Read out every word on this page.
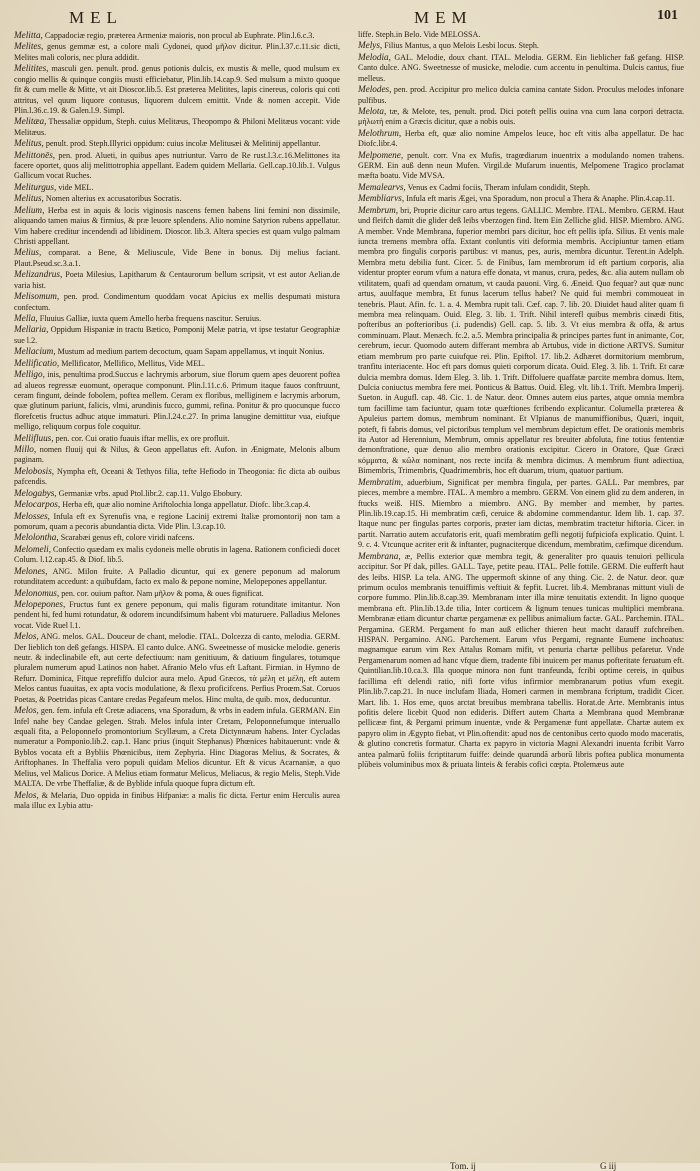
MEL	MEM	101

Melitta, Cappadociæ regio, præterea Armeniæ maioris, non procul ab Euphrate. Plin.l.6.c.3.

Melites, genus gemmæ est, a colore mali Cydonei, quod μῆλον dicitur. Plin.l.37.c.11.sic dicti, Melites mali coloris, nec plura addidit.

Melitites, masculi gen. penult. prod. genus potionis dulcis, ex mustis & melle, quod mulsum ex congio mellis & quinque congiis musti efficiebatur, Plin.lib.14.cap.9. Sed mulsum a mixto quoque fit & cum melle & Mitte, vt ait Dioscor.lib.5. Est præterea Melitites, lapis cinereus, coloris qui coti attritus, vel quum liquore contusus, liquorem dulcem emittit. Vnde & nomen accepit. Vide Plin.l.36.c.19. & Galen.l.9. Simpl.

Melitæa, Thessaliæ oppidum, Steph. cuius Melitæus, Theopompo & Philoni Melitæus vocant: vide Melitæus.

Melitus, penult. prod. Steph.Illyrici oppidum: cuius incolæ Melitusæi & Melitinij appellantur.

Melittonēs, pen. prod. Alueti, in quibus apes nutriuntur. Varro de Re rust.l.3.c.16.Melittones ita facere oportet, quos alij melittotrophia appellant. Eadem quidem Mellaria. Gell.cap.10.lib.1. Vulgus Gallicum vocat Ruches.

Meliturgus, vide MEL.

Melitus, Nomen alterius ex accusatoribus Socratis.

Melium, Herba est in aquis & locis viginosis nascens femen habens lini femini non dissimile, aliquando tamen maius & firmius, & præ leuore splendens. Alio nomine Satyrion rubens appellatur. Vim habere creditur incendendi ad libidinem. Dioscor. lib.3. Altera species est quam vulgo palmam Christi appellant.

Melius, comparat. a Bene, & Meliuscule, Vide Bene in bonus. Dij melius faciant. Plaut.Pseud.sc.3.a.1.

Melizandrus, Poeta Milesius, Lapitharum & Centaurorum bellum scripsit, vt est autor Aelian.de varia hist.

Melisomum, pen. prod. Condimentum quoddam vocat Apicius ex mellis despumati mistura confectum.

Mella, Fluuius Galliæ, iuxta quem Amello herba frequens nascitur. Seruius.

Mellaria, Oppidum Hispaniæ in tractu Bætico, Pomponij Melæ patria, vt ipse testatur Geographiæ sue l.2.

Mellacium, Mustum ad medium partem decoctum, quam Sapam appellamus, vt inquit Nonius.

Mellificatio, Mellificator, Mellifico, Mellitus, Vide MEL.

Melligo, inis, penultima prod.Succus e lachrymis arborum, siue florum quem apes deuorent poftea ad alueos regressæ euomunt, operaque componunt. Plin.l.11.c.6. Primum itaque fauos conftruunt, ceram fingunt, deinde fobolem, poftea mellem. Ceram ex floribus, melliginem e lacrymis arborum, quæ glutinum pariunt, falicis, vlmi, arundinis fucco, gummi, refina. Ponitur & pro quocunque fucco florefcetis fructus adhuc atque immaturi. Plin.l.24.c.27. In prima lanugine demittitur vua, eiufque melligo, reliquum corpus fole coquitur.

Mellifluus, pen. cor. Cui oratio fuauis iftar mellis, ex ore profluit.

Millo, nomen fluuij qui & Nilus, & Geon appellatus eft. Aufon. in Ænigmate, Melonis album paginam.

Melobosis, Nympha eft, Oceani & Tethyos filia, tefte Hefiodo in Theogonia: fic dicta ab ouibus pafcendis.

Melogabys, Germaniæ vrbs. apud Ptol.libr.2. cap.11. Vulgo Ebobury.

Melocarpos, Herba eft, quæ alio nomine Ariftolochia longa appellatur. Diofc. libr.3.cap.4.

Melosses, Infula eft ex Syrenufis vna, e regione Lacinij extremi Italiæ promontorij non tam a pomorum, quam a pecoris abundantia dicta. Vide Plin. l.3.cap.10.

Melolontha, Scarabæi genus eft, colore viridi nafcens.

Melomeli, Confectio quædam ex malis cydoneis melle obrutis in lagena. Rationem conficiedi docet Colum. l.12.cap.45. & Diof. lib.5.

Melones, ANG. Milon fruite. A Palladio dicuntur, qui ex genere peponum ad malorum rotunditatem accedunt: a quibufdam, facto ex malo & pepone nomine, Melopepones appellantur.

Melonomus, pen. cor. ouium paftor. Nam μῆλον & poma, & oues fignificat.

Melopepones, Fructus funt ex genere peponum, qui malis figuram rotunditate imitantur. Non pendent hi, fed humi rotundatur, & odorem incundifsimum habent vbi maturuere. Palladius Melones vocat. Vide Ruel l.1.

Melos, ANG. melos. GAL. Douceur de chant, melodie. ITAL. Dolcezza di canto, melodia. GERM. Der lieblich ton deß gefangs. HISPA. El canto dulce. ANG. Sweetnesse of musicke melodie. generis neutr. & indeclinabile eft, aut certe defectiuum: nam genitiuum, & datiuum fingulares, totumque pluralem numerum apud Latinos non habet. Afranio Melo vfus eft Laftant. Firmian. in Hymno de Refurr. Dominica, Fitque reprefiffo dulcior aura melo. Apud Græcos, τὰ μέλη et μέλη, eft autem Melos cantus fuauitas, ex apta vocis modulatione, & flexu proficifcens. Perfius Proœm.Sat. Coruos Poetas, & Poetridas picas Cantare credas Pegafeum melos. Hinc multa, de quib. mox, deducuntur.

Melos, gen. fem. infula eft Cretæ adiacens, vna Sporadum, & vrbs in eadem infula. GERMAN. Ein Infel nahe bey Candae gelegen. Strab. Melos infula inter Cretam, Peloponnefumque interuallo æquali fita, a Peloponnefo promontorium Scyllæum, a Creta Dictynnæum habens. Inter Cycladas numeratur a Pomponio.lib.2. cap.1. Hanc prius (inquit Stephanus) Phœnices habitauerunt: vnde & Byblos vocata eft a Bybliis Phœnicibus, item Zephyria. Hinc Diagoras Melius, & Socrates, & Ariftophanes. In Theffalia vero populi quidam Melios dicuntur. Eft & vicus Acarnaniæ, a quo Melius, vel Malicus Dorice. A Melius etiam formatur Melicus, Meliacus, & regio Melis, Steph.Vide MALTA. De vrbe Theffaliæ, & de Byblide infula quoque fupra dictum eft.

Melos, & Melaria, Duo oppida in finibus Hifpaniæ: a malis fic dicta. Fertur enim Herculis aurea mala illuc ex Lybia attu-

liffe. Steph.in Belo. Vide MELOSSA.

Melys, Filius Mantus, a quo Melois Lesbi locus. Steph.

Melodia, GAL. Melodie, doux chant. ITAL. Melodia. GERM. Ein lieblicher faß gefang. HISP. Canto dulce. ANG. Sweetnesse of musicke, melodie. cum accentu in penultima. Dulcis cantus, fiue melleus.

Melodes, pen. prod. Accipitur pro melico dulcia camina cantate Sidon. Proculus melodes infonare pulfibus.

Melota, tæ, & Melote, tes, penult. prod. Dici poteft pellis ouina vna cum lana corpori detracta. μήλωτὴ enim a Græcis dicitur, quæ a nobis ouis.

Melothrum, Herba eft, quæ alio nomine Ampelos leuce, hoc eft vitis alba appellatur. De hac Diofc.libr.4.

Melpomene, penult. corr. Vna ex Mufis, tragœdiarum inuentrix a modulando nomen trahens. GERM. Ein auß denn neun Mufen. Virgil.de Mufarum inuentis, Melpomene Tragico proclamat mæfta boatu. Vide MVSA.

Memalearvs, Venus ex Cadmi fociis, Theram infulam condidit, Steph.

Membliarvs, Infula eft maris Ægei, vna Sporadum, non procul a Thera & Anaphe. Plin.4.cap.11.

Membrum, bri, Proprie dicitur caro artus tegens. GALLIC. Membre. ITAL. Membro. GERM. Haut und fleifch damit die glider deß leibs vberzogen find. Item Ein Zelliche glid. HISP. Miembro. ANG. A member. Vnde Membrana, fuperior membri pars dicitur, hoc eft pellis ipfa. Silius. Et venis male iuncta tremens membra offa. Extant conluntis viti deformia membris. Accipiuntur tamen etiam membra pro fingulis corporis partibus: vt manus, pes, auris, membra dicuntur. Terent.in Adelph. Membra metu debilia funt. Cicer. 5. de Finibus, Iam membrorum id eft partium corporis, alia videntur propter eorum vfum a natura effe donata, vt manus, crura, pedes, &c. alia autem nullam ob vtilitatem, quafi ad quendam ornatum, vt cauda pauoni. Virg. 6. Æneid. Quo fequar? aut quæ nunc artus, auulfaque membra, Et funus lacerum tellus habet? Ne quid fui membri commoueat in tenebris. Plaut. Afin. fc. 1. a. 4. Membra rupit tali. Cæf. cap. 7. lib. 20. Diuidet haud aliter quam fi membra mea relinquam. Ouid. Eleg. 3. lib. 1. Trift. Nihil interefl quibus membris cinædi fitis, pofteribus an pofterioribus (.i. pudendis) Gell. cap. 5. lib. 3. Vt eius membra & offa, & artus comminuam. Plaut. Menæch. fc.2. a.5. Membra principalia & principes partes funt in animante, Cor, cerebrum, iecur. Quomodo autem differant membra ab Artubus, vide in dictione ARTVS. Sumitur etiam membrum pro parte cuiufque rei. Plin. Epiftol. 17. lib.2. Adhæret dormitorium membrum, tranfitu interiacente. Hoc eft pars domus quieti corporum dicata. Ouid. Eleg. 3. lib. 1. Trift. Et caræ dulcia membra domus. Idem Eleg. 3. lib. 1. Trift. Diffoluere quaffatæ parcite membra domus. Item, Dulcia coniuctus membra fere mei. Ponticus & Battus. Ouid. Eleg. vlt. lib.1. Trift. Membra Imperij. Sueton. in Augufl. cap. 48. Cic. 1. de Natur. deor. Omnes autem eius partes, atque omnia membra tum facillime tam faciuntur, quam totæ quæftiones fcribendo explicantur. Columella præterea & Apuleius partem domus, membrum nominant. Et Vlpianus de manumiffionibus, Quæri, inquit, poteft, fi fabris domus, vel pictoribus templum vel membrum depictum effet. De orationis membris ita Autor ad Herennium, Membrum, omnis appellatur res breuiter abfoluta, fine totius fententiæ demonftratione, quæ denuo alio membro orationis excipitur. Cicero in Oratore, Quæ Græci κόμματα, & κῶλα nominant, nos recte incifa & membra dicimus. A membrum fiunt adiectiua, Bimembris, Trimembris, Quadrimembris, hoc eft duarum, trium, quatuor partium.

Membratim, aduerbium, Significat per membra fingula, per partes. GALL. Par membres, par pieces, membre a membre. ITAL. A membro a membro. GERM. Von einem glid zu dem anderen, in ftucks weiß. HIS. Miembro a miembro. ANG. By member and member, by partes. Plin.lib.19.cap.15. Hi membratim cæfi, ceruice & abdomine commendantur. Idem lib. 1. cap. 37. Itaque nunc per fingulas partes corporis, præter iam dictas, membratim tractetur hiftoria. Cicer. in partit. Narratio autem accufatoris erit, quafi membratim gefli negotij fufpiciofa explicatio. Quint. l. 9. c. 4. Vtcunque acriter erit & inftanter, pugnaciterque dicendum, membratim, cæfimque dicendum.

Membrana, æ, Pellis exterior quæ membra tegit, & generaliter pro quauis tenuiori pellicula accipitur. Sor Pf dak, pilles. GALL. Taye, petite peau. ITAL. Pelle fottile. GERM. Die eufferft haut des leibs. HISP. La tela. ANG. The uppermoft skinne of any thing. Cic. 2. de Natur. deor. quæ primum oculos membranis tenuiffimis veftiuit & fepfit. Lucret. lib.4. Membranas mittunt viuli de corpore fummo. Plin.lib.8.cap.39. Membranam inter illa miræ tenuitatis extendit. In ligno quoque membrana eft. Plin.lib.13.de tilia, Inter corticem & lignum tenues tunicas multiplici membrana. Membranæ etiam dicuntur chartæ pergamenæ ex pellibus animalium factæ. GAL. Parchemin. ITAL. Pergamina. GERM. Pergament fo man auß etlicher thieren heut macht darauff zufchreiben. HISPAN. Pergamino. ANG. Parchement. Earum vfus Pergami, regnante Eumene inchoatus: magnamque earum vim Rex Attalus Romam mifit, vt penuria chartæ pellibus pefaretur. Vnde Pergamenarum nomen ad hanc vfque diem, tradente fibi inuicem per manus pofteritate feruatum eft. Quintilian.lib.10.ca.3. Illa quoque minora non funt tranfeunda, fcribi optime cereis, in quibus facillima eft delendi ratio, nifi forte vifus infirmior membranarum potius vfum exegit. Plin.lib.7.cap.21. In nuce inclufam Iliada, Homeri carmen in membrana fcriptum, tradidit Cicer. Mart. lib. 1. Hos eme, quos arctat breuibus membrana tabellis. Horat.de Arte. Membranis intus pofitis delere licebit Quod non edideris. Differt autem Charta a Membrana quod Membranæ pellicææ fint, & Pergami primum inuentæ, vnde & Pergamenæ funt appellatæ. Chartæ autem ex papyro olim in Ægypto fiebat, vt Plin.oftendit: apud nos de centonibus certo quodo modo maceratis, & glutino concretis formatur. Charta ex papyro in victoria Magni Alexandri inuenta fcribit Varro antea palmarū foliis fcriptitarum fuiffe: deinde quarundā arborū libris poftea publica monumenta plūbeis voluminibus mox & priuata linteis & ferabis cofici cœpta. Ptolemæus aute

Tom. ij	G iij
